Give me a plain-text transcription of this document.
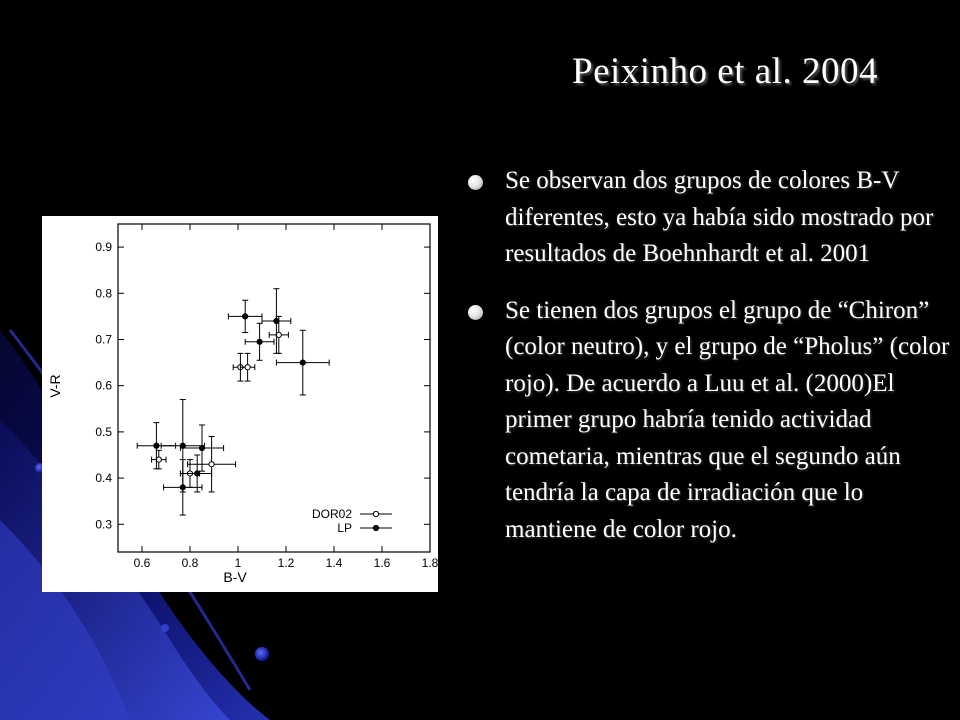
Peixinho et al. 2004
Se observan dos grupos de colores B-V diferentes, esto ya había sido mostrado por resultados de Boehnhardt et al. 2001
Se tienen dos grupos el grupo de “Chiron” (color neutro), y el grupo de “Pholus” (color rojo). De acuerdo a Luu et al. (2000)El primer grupo habría tenido actividad cometaria, mientras que el segundo aún tendría la capa de irradiación que lo mantiene de color rojo.
0.6	0.8	1	1.2	1.4	1.6	1.8
0.3
0.4
0.5
0.6
0.7
0.8
0.9
DOR02
LP
B-V
V-R
